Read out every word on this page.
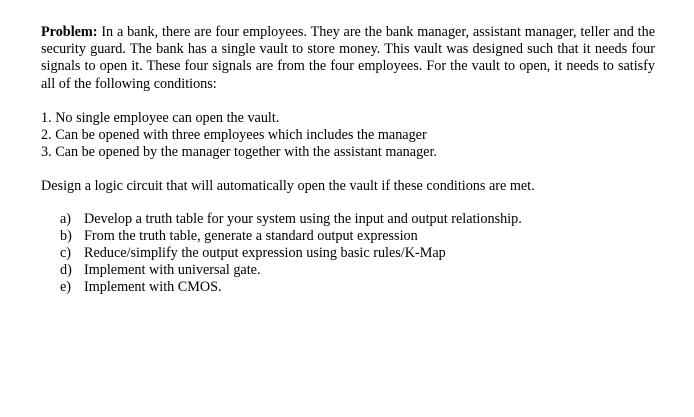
Problem: In a bank, there are four employees. They are the bank manager, assistant manager, teller and the security guard. The bank has a single vault to store money. This vault was designed such that it needs four signals to open it. These four signals are from the four employees. For the vault to open, it needs to satisfy all of the following conditions:

1. No single employee can open the vault.
2. Can be opened with three employees which includes the manager
3. Can be opened by the manager together with the assistant manager.

Design a logic circuit that will automatically open the vault if these conditions are met.

a) Develop a truth table for your system using the input and output relationship.
b) From the truth table, generate a standard output expression
c) Reduce/simplify the output expression using basic rules/K-Map
d) Implement with universal gate.
e) Implement with CMOS.
